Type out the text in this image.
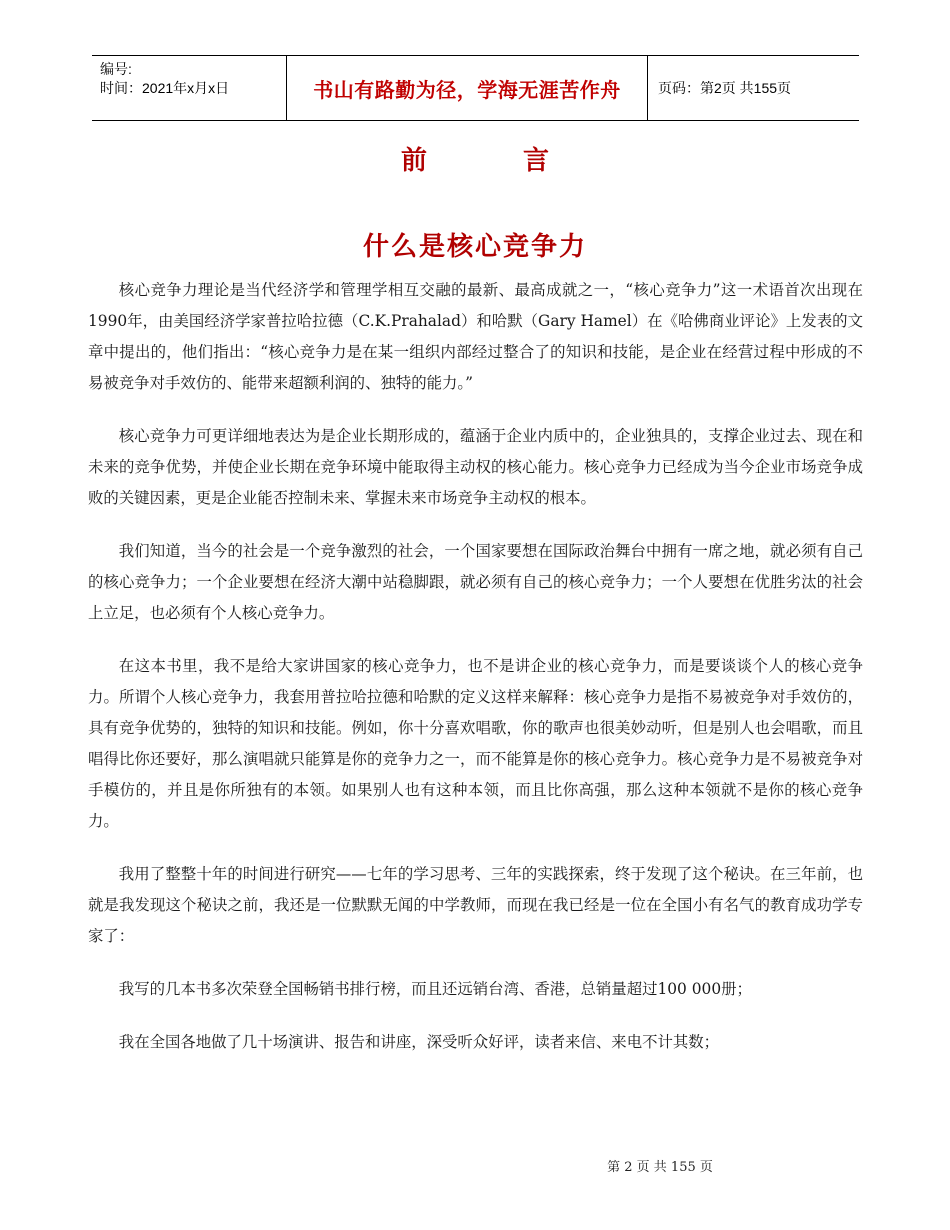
编号:
时间：2021年x月x日	书山有路勤为径，学海无涯苦作舟	页码：第2页 共155页
前言
什么是核心竞争力

核心竞争力理论是当代经济学和管理学相互交融的最新、最高成就之一，“核心竞争力”这一术语首次出现在1990年，由美国经济学家普拉哈拉德（C.K.Prahalad）和哈默（Gary Hamel）在《哈佛商业评论》上发表的文章中提出的，他们指出：“核心竞争力是在某一组织内部经过整合了的知识和技能，是企业在经营过程中形成的不易被竞争对手效仿的、能带来超额利润的、独特的能力。”

核心竞争力可更详细地表达为是企业长期形成的，蕴涵于企业内质中的，企业独具的，支撑企业过去、现在和未来的竞争优势，并使企业长期在竞争环境中能取得主动权的核心能力。核心竞争力已经成为当今企业市场竞争成败的关键因素，更是企业能否控制未来、掌握未来市场竞争主动权的根本。

我们知道，当今的社会是一个竞争激烈的社会，一个国家要想在国际政治舞台中拥有一席之地，就必须有自己的核心竞争力；一个企业要想在经济大潮中站稳脚跟，就必须有自己的核心竞争力；一个人要想在优胜劣汰的社会上立足，也必须有个人核心竞争力。

在这本书里，我不是给大家讲国家的核心竞争力，也不是讲企业的核心竞争力，而是要谈谈个人的核心竞争力。所谓个人核心竞争力，我套用普拉哈拉德和哈默的定义这样来解释：核心竞争力是指不易被竞争对手效仿的，具有竞争优势的，独特的知识和技能。例如，你十分喜欢唱歌，你的歌声也很美妙动听，但是别人也会唱歌，而且唱得比你还要好，那么演唱就只能算是你的竞争力之一，而不能算是你的核心竞争力。核心竞争力是不易被竞争对手模仿的，并且是你所独有的本领。如果别人也有这种本领，而且比你高强，那么这种本领就不是你的核心竞争力。

我用了整整十年的时间进行研究——七年的学习思考、三年的实践探索，终于发现了这个秘诀。在三年前，也就是我发现这个秘诀之前，我还是一位默默无闻的中学教师，而现在我已经是一位在全国小有名气的教育成功学专家了：

我写的几本书多次荣登全国畅销书排行榜，而且还远销台湾、香港，总销量超过100 000册；

我在全国各地做了几十场演讲、报告和讲座，深受听众好评，读者来信、来电不计其数；

第 2 页 共 155 页
